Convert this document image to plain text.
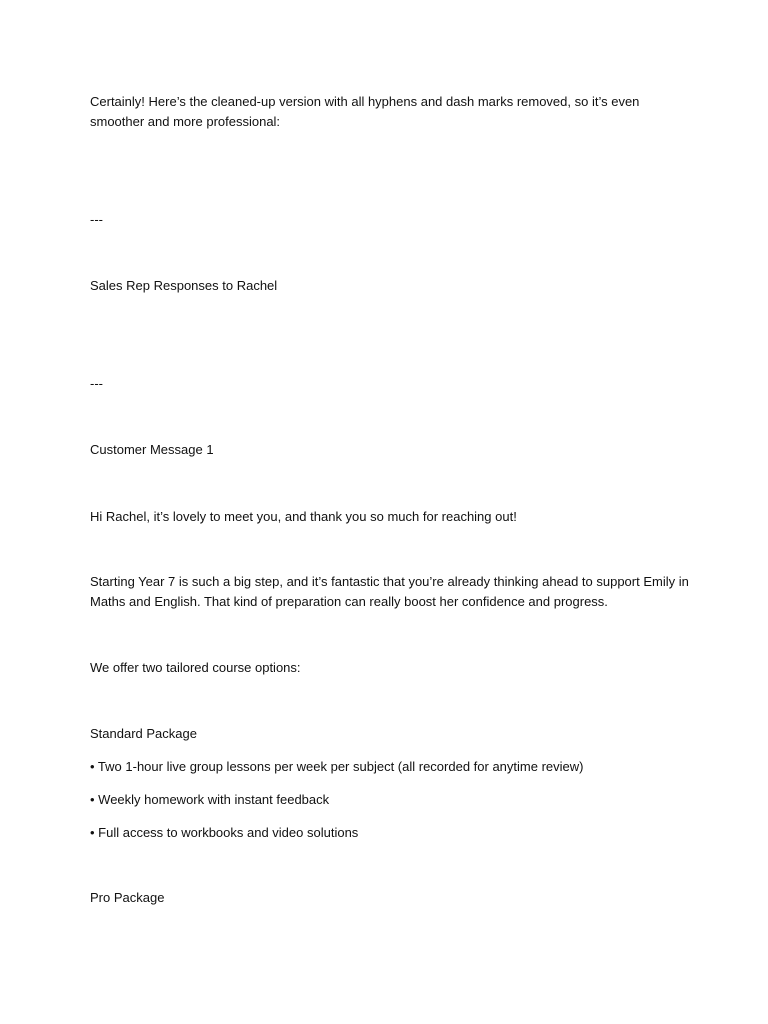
Certainly! Here’s the cleaned-up version with all hyphens and dash marks removed, so it’s even smoother and more professional:

---

Sales Rep Responses to Rachel

---

Customer Message 1

Hi Rachel, it’s lovely to meet you, and thank you so much for reaching out!

Starting Year 7 is such a big step, and it’s fantastic that you’re already thinking ahead to support Emily in Maths and English. That kind of preparation can really boost her confidence and progress.

We offer two tailored course options:

Standard Package

• Two 1-hour live group lessons per week per subject (all recorded for anytime review)

• Weekly homework with instant feedback

• Full access to workbooks and video solutions

Pro Package
